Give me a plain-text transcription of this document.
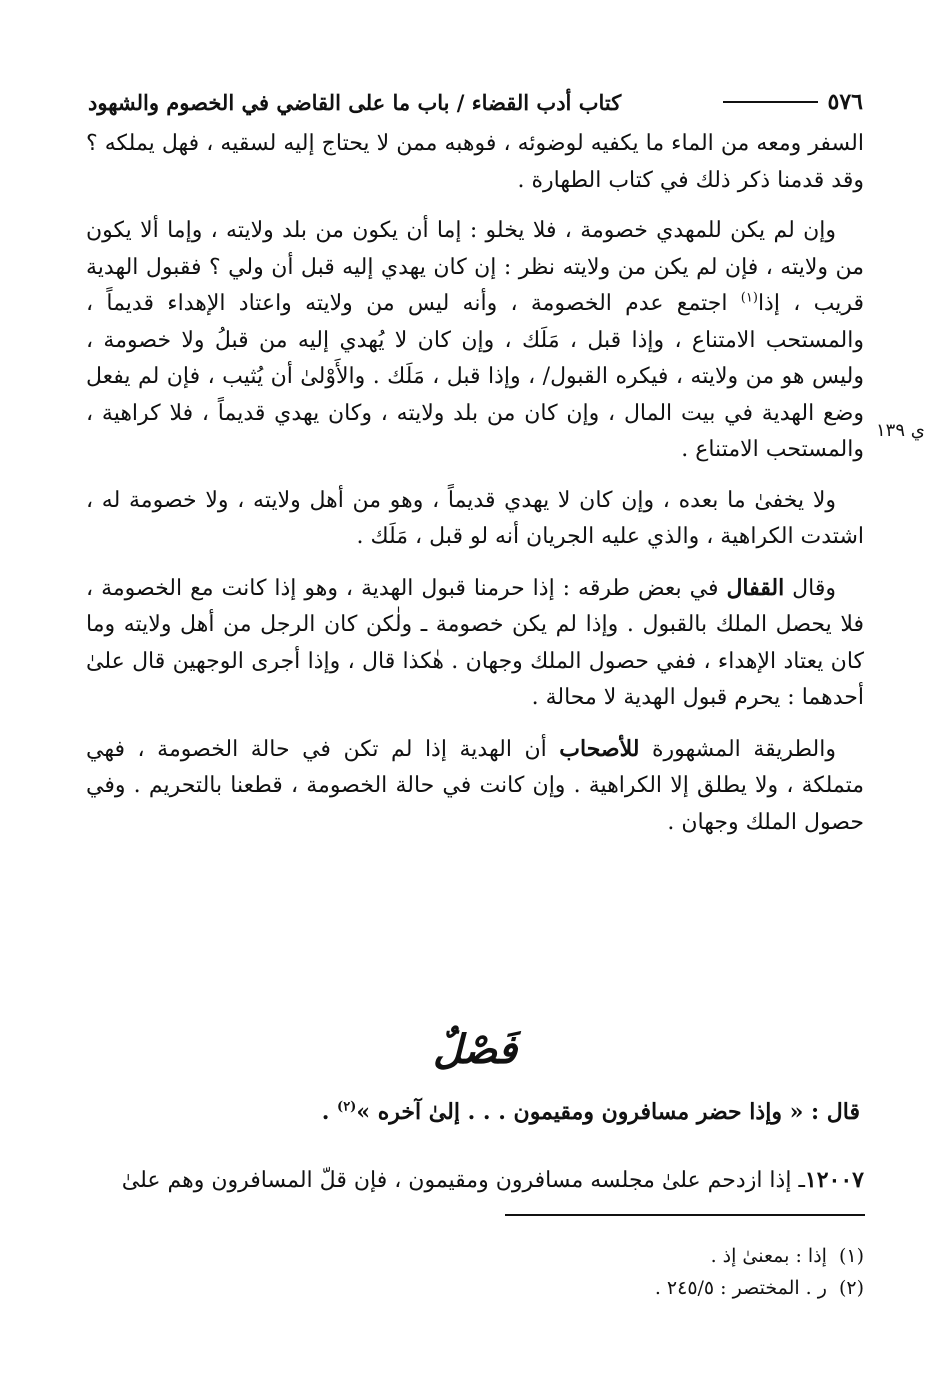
٥٧٦
كتاب أدب القضاء / باب ما على القاضي في الخصوم والشهود
ي ١٣٩

السفر ومعه من الماء ما يكفيه لوضوئه ، فوهبه ممن لا يحتاج إليه لسقيه ، فهل يملكه ؟ وقد قدمنا ذكر ذلك في كتاب الطهارة .

وإن لم يكن للمهدي خصومة ، فلا يخلو : إما أن يكون من بلد ولايته ، وإما ألا يكون من ولايته ، فإن لم يكن من ولايته نظر : إن كان يهدي إليه قبل أن ولي ؟ فقبول الهدية قريب ، إذا$^{(١)}$ اجتمع عدم الخصومة ، وأنه ليس من ولايته واعتاد الإهداء قديماً ، والمستحب الامتناع ، وإذا قبل ، مَلَك ، وإن كان لا يُهدي إليه من قبلُ ولا خصومة ، وليس هو من ولايته ، فيكره القبول/ ، وإذا قبل ، مَلَك . والأَوْلىٰ أن يُثيب ، فإن لم يفعل وضع الهدية في بيت المال ، وإن كان من بلد ولايته ، وكان يهدي قديماً ، فلا كراهية ، والمستحب الامتناع .

ولا يخفىٰ ما بعده ، وإن كان لا يهدي قديماً ، وهو من أهل ولايته ، ولا خصومة له ، اشتدت الكراهية ، والذي عليه الجريان أنه لو قبل ، مَلَك .

وقال القفال في بعض طرقه : إذا حرمنا قبول الهدية ، وهو إذا كانت مع الخصومة ، فلا يحصل الملك بالقبول . وإذا لم يكن خصومة ـ ولٰكن كان الرجل من أهل ولايته وما كان يعتاد الإهداء ، ففي حصول الملك وجهان . هٰكذا قال ، وإذا أجرى الوجهين قال علىٰ أحدهما : يحرم قبول الهدية لا محالة .

والطريقة المشهورة للأصحاب أن الهدية إذا لم تكن في حالة الخصومة ، فهي متملكة ، ولا يطلق إلا الكراهية . وإن كانت في حالة الخصومة ، قطعنا بالتحريم . وفي حصول الملك وجهان .

فَصْلٌ
قال : « وإذا حضر مسافرون ومقيمون . . . إلىٰ آخره »$^{(٢)}$ .
١٢٠٠٧ـ إذا ازدحم علىٰ مجلسه مسافرون ومقيمون ، فإن قلّ المسافرون وهم علىٰ

(١)إذا : بمعنىٰ إذ .

(٢)ر . المختصر : ٢٤٥/٥ .
